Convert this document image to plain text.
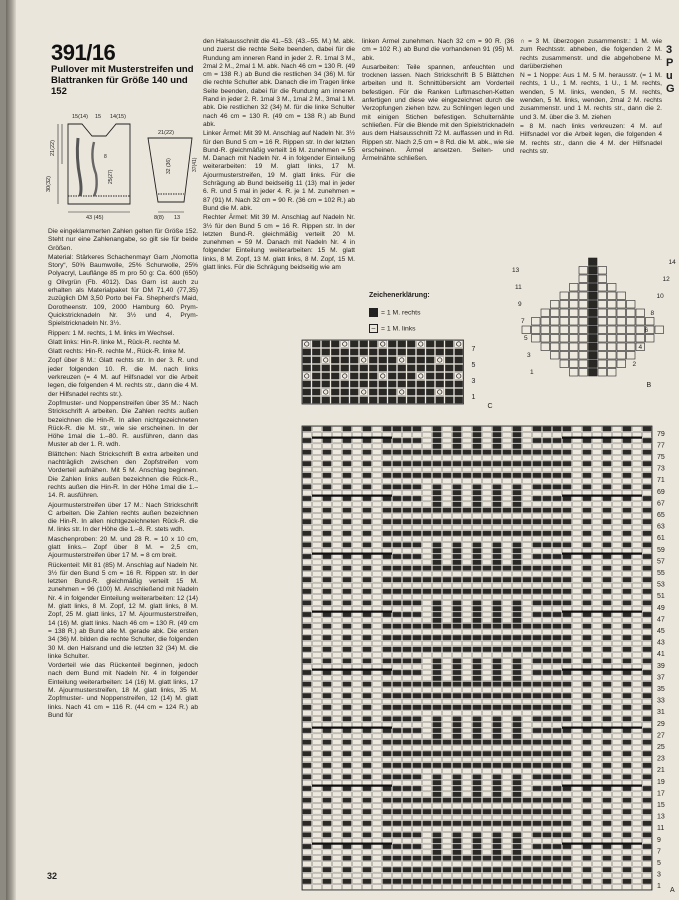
391/16
Pullover mit Musterstreifen und Blattranken für Größe 140 und 152
15(14) 15 14(15)
21(22)
30(32)
8
25(27)
43 (45)
21(22)
32 (36)	37(41)
8(8) 13

Die eingeklammerten Zahlen gelten für Größe 152. Steht nur eine Zahlenangabe, so gilt sie für beide Größen.

Material: Stärkeres Schachenmayr Garn „Nomotta Story“, 50% Baumwolle, 25% Schurwolle, 25% Polyacryl, Lauflänge 85 m pro 50 g: Ca. 600 (650) g Olivgrün (Fb. 4012). Das Garn ist auch zu erhalten als Materialpaket für DM 71,40 (77,35) zuzüglich DM 3,50 Porto bei Fa. Shepherd's Maid, Dorotheenstr. 109, 2000 Hamburg 60. Prym-Quickstricknadeln Nr. 3½ und 4, Prym-Spielstricknadeln Nr. 3½.

Rippen: 1 M. rechts, 1 M. links im Wechsel.

Glatt links: Hin-R. linke M., Rück-R. rechte M.

Glatt rechts: Hin-R. rechte M., Rück-R. linke M.

Zopf über 8 M.: Glatt rechts str. In der 3. R. und jeder folgenden 10. R. die M. nach links verkreuzen (= 4 M. auf Hilfsnadel vor die Arbeit legen, die folgenden 4 M. rechts str., dann die 4 M. der Hilfsnadel rechts str.).

Zopfmuster- und Noppenstreifen über 35 M.: Nach Strickschrift A arbeiten. Die Zahlen rechts außen bezeichnen die Hin-R. In allen nichtgezeichneten Rück-R. die M. str., wie sie erscheinen. In der Höhe 1mal die 1.–80. R. ausführen, dann das Muster ab der 1. R. wdh.

Blättchen: Nach Strickschrift B extra arbeiten und nachträglich zwischen den Zopfstreifen vom Vorderteil aufnähen. Mit 5 M. Anschlag beginnen. Die Zahlen links außen bezeichnen die Rück-R., rechts außen die Hin-R. In der Höhe 1mal die 1.–14. R. ausführen.

Ajourmusterstreifen über 17 M.: Nach Strickschrift C arbeiten. Die Zahlen rechts außen bezeichnen die Hin-R. In allen nichtgezeichneten Rück-R. die M. links str. In der Höhe die 1.–8. R. stets wdh.

Maschenproben: 20 M. und 28 R. = 10 x 10 cm, glatt links.– Zopf über 8 M. = 2,5 cm, Ajourmusterstreifen über 17 M. = 8 cm breit.

Rückenteil: Mit 81 (85) M. Anschlag auf Nadeln Nr. 3½ für den Bund 5 cm = 16 R. Rippen str. In der letzten Bund-R. gleichmäßig verteilt 15 M. zunehmen = 96 (100) M. Anschließend mit Nadeln Nr. 4 in folgender Einteilung weiterarbeiten: 12 (14) M. glatt links, 8 M. Zopf, 12 M. glatt links, 8 M. Zopf, 25 M. glatt links, 17 M. Ajourmusterstreifen, 14 (16) M. glatt links. Nach 46 cm = 130 R. (49 cm = 138 R.) ab Bund alle M. gerade abk. Die ersten 34 (36) M. bilden die rechte Schulter, die folgenden 30 M. den Halsrand und die letzten 32 (34) M. die linke Schulter.

Vorderteil wie das Rückenteil beginnen, jedoch nach dem Bund mit Nadeln Nr. 4 in folgender Einteilung weiterarbeiten: 14 (16) M. glatt links, 17 M. Ajourmusterstreifen, 18 M. glatt links, 35 M. Zopfmuster- und Noppenstreifen, 12 (14) M. glatt links. Nach 41 cm = 116 R. (44 cm = 124 R.) ab Bund für

den Halsausschnitt die 41.–53. (43.–55. M.) M. abk. und zuerst die rechte Seite beenden, dabei für die Rundung am inneren Rand in jeder 2. R. 1mal 3 M., 2mal 2 M., 2mal 1 M. abk. Nach 46 cm = 130 R. (49 cm = 138 R.) ab Bund die restlichen 34 (36) M. für die rechte Schulter abk. Danach die im Tragen linke Seite beenden, dabei für die Rundung am inneren Rand in jeder 2. R. 1mal 3 M., 1mal 2 M., 3mal 1 M. abk. Die restlichen 32 (34) M. für die linke Schulter nach 46 cm = 130 R. (49 cm = 138 R.) ab Bund abk.

Linker Ärmel: Mit 39 M. Anschlag auf Nadeln Nr. 3½ für den Bund 5 cm = 16 R. Rippen str. In der letzten Bund-R. gleichmäßig verteilt 16 M. zunehmen = 55 M. Danach mit Nadeln Nr. 4 in folgender Einteilung weiterarbeiten: 19 M. glatt links, 17 M. Ajourmusterstreifen, 19 M. glatt links. Für die Schrägung ab Bund beidseitig 11 (13) mal in jeder 6. R. und 5 mal in jeder 4. R. je 1 M. zunehmen = 87 (91) M. Nach 32 cm = 90 R. (36 cm = 102 R.) ab Bund die M. abk.

Rechter Ärmel: Mit 39 M. Anschlag auf Nadeln Nr. 3½ für den Bund 5 cm = 16 R. Rippen str. In der letzten Bund-R. gleichmäßig verteilt 20 M. zunehmen = 59 M. Danach mit Nadeln Nr. 4 in folgender Einteilung weiterarbeiten: 15 M. glatt links, 8 M. Zopf, 13 M. glatt links, 8 M. Zopf, 15 M. glatt links. Für die Schrägung beidseitig wie am

linken Ärmel zunehmen. Nach 32 cm = 90 R. (36 cm = 102 R.) ab Bund die vorhandenen 91 (95) M. abk.

Ausarbeiten: Teile spannen, anfeuchten und trocknen lassen. Nach Strickschrift B 5 Blättchen arbeiten und lt. Schnittübersicht am Vorderteil befestigen. Für die Ranken Luftmaschen-Ketten anfertigen und diese wie eingezeichnet durch die Verzopfungen ziehen bzw. zu Schlingen legen und mit einigen Stichen befestigen. Schulternähte schließen. Für die Blende mit den Spielstricknadeln aus dem Halsausschnitt 72 M. auffassen und in Rd. Rippen str. Nach 2,5 cm = 8 Rd. die M. abk., wie sie erscheinen. Ärmel ansetzen. Seiten- und Ärmelnähte schließen.

∩ = 3 M. überzogen zusammenstr.: 1 M. wie zum Rechtsstr. abheben, die folgenden 2 M. rechts zusammenstr. und die abgehobene M. darüberziehen

N = 1 Noppe: Aus 1 M. 5 M. herausstr. (= 1 M. rechts, 1 U., 1 M. rechts, 1 U., 1 M. rechts, wenden, 5 M. links, wenden, 5 M. rechts, wenden, 5 M. links, wenden, 2mal 2 M. rechts zusammenstr. und 1 M. rechts str., dann die 2. und 3. M. über die 3. M. ziehen

= 8 M. nach links verkreuzen: 4 M. auf Hilfsnadel vor die Arbeit legen, die folgenden 4 M. rechts str., dann die 4 M. der Hilfsnadel rechts str.

Zeichenerklärung:
= 1 M. rechts
– = 1 M. links
7
5
3
1
C
14
12
10
8
6
4
2
13
11
9
7
5
3
1
B
79
77
75
73
71
69
67
65
63
61
59
57
55
53
51
49
47
45
43
41
39
37
35
33
31
29
27
25
23
21
19
17
15
13
11
9
7
5
3
1
A
32
3
P
u
G
